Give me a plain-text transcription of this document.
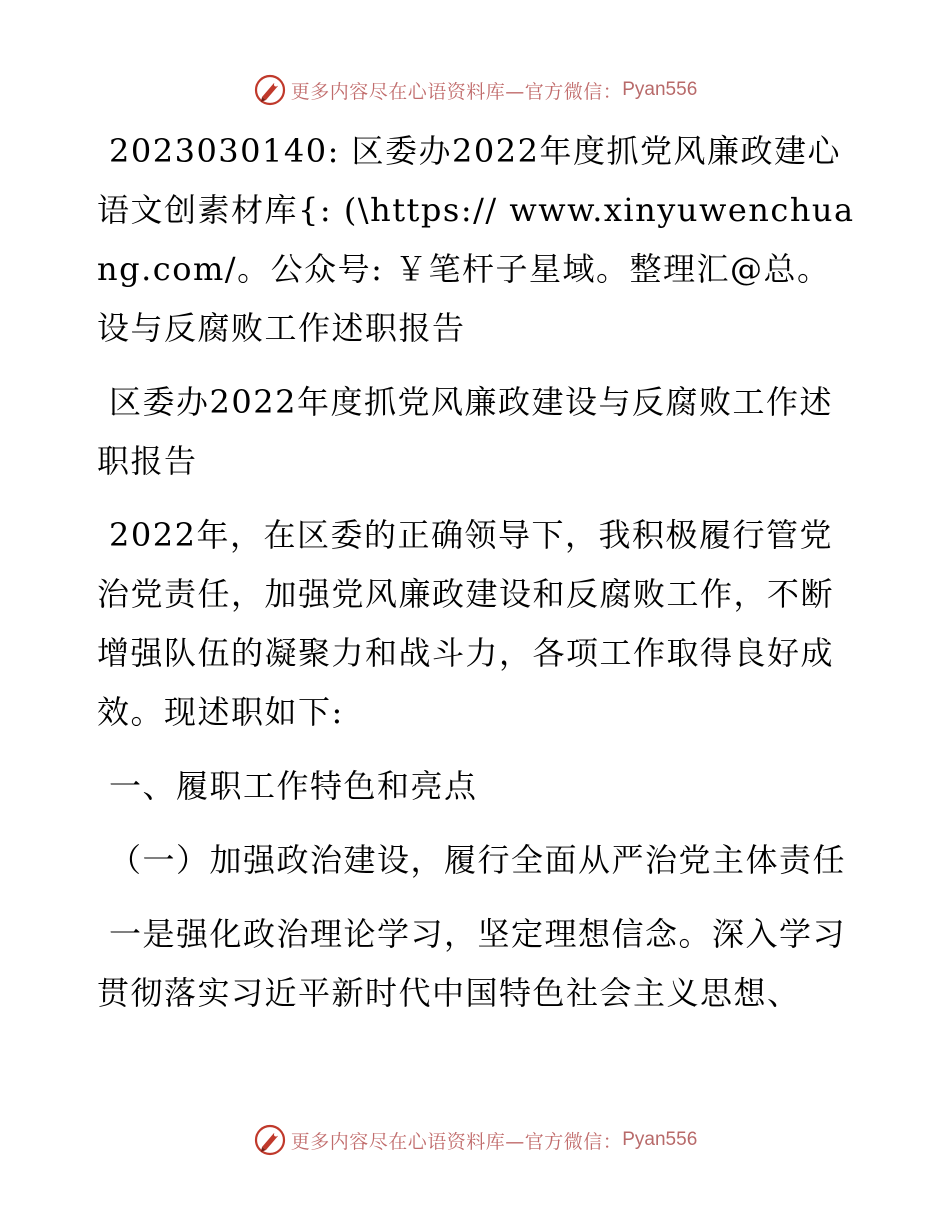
更多内容尽在心语资料库—官方微信： Pyan556

2023030140: 区委办2022年度抓党风廉政建心语文创素材库{: (\https:// www.xinyuwenchuang.com/。公众号: ￥笔杆子星域。整理汇@总。设与反腐败工作述职报告

区委办2022年度抓党风廉政建设与反腐败工作述职报告

2022年，在区委的正确领导下，我积极履行管党治党责任，加强党风廉政建设和反腐败工作，不断增强队伍的凝聚力和战斗力，各项工作取得良好成效。现述职如下:

一、履职工作特色和亮点

（一）加强政治建设，履行全面从严治党主体责任

一是强化政治理论学习，坚定理想信念。深入学习贯彻落实习近平新时代中国特色社会主义思想、

更多内容尽在心语资料库—官方微信： Pyan556
